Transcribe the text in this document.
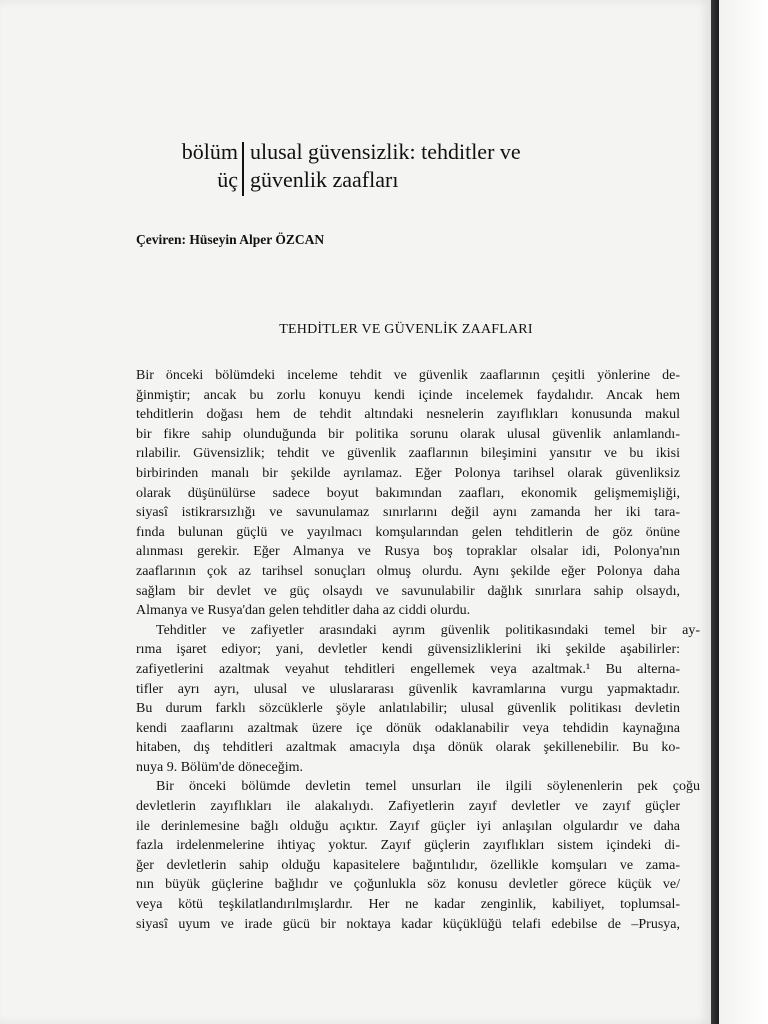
bölüm
üç
ulusal güvensizlik: tehditler ve
güvenlik zaafları
Çeviren: Hüseyin Alper ÖZCAN
TEHDİTLER VE GÜVENLİK ZAAFLARI
Bir önceki bölümdeki inceleme tehdit ve güvenlik zaaflarının çeşitli yönlerine de-
ğinmiştir; ancak bu zorlu konuyu kendi içinde incelemek faydalıdır. Ancak hem
tehditlerin doğası hem de tehdit altındaki nesnelerin zayıflıkları konusunda makul
bir fikre sahip olunduğunda bir politika sorunu olarak ulusal güvenlik anlamlandı-
rılabilir. Güvensizlik; tehdit ve güvenlik zaaflarının bileşimini yansıtır ve bu ikisi
birbirinden manalı bir şekilde ayrılamaz. Eğer Polonya tarihsel olarak güvenliksiz
olarak düşünülürse sadece boyut bakımından zaafları, ekonomik gelişmemişliği,
siyasî istikrarsızlığı ve savunulamaz sınırlarını değil aynı zamanda her iki tara-
fında bulunan güçlü ve yayılmacı komşularından gelen tehditlerin de göz önüne
alınması gerekir. Eğer Almanya ve Rusya boş topraklar olsalar idi, Polonya'nın
zaaflarının çok az tarihsel sonuçları olmuş olurdu. Aynı şekilde eğer Polonya daha
sağlam bir devlet ve güç olsaydı ve savunulabilir dağlık sınırlara sahip olsaydı,
Almanya ve Rusya'dan gelen tehditler daha az ciddi olurdu.
Tehditler ve zafiyetler arasındaki ayrım güvenlik politikasındaki temel bir ay-
rıma işaret ediyor; yani, devletler kendi güvensizliklerini iki şekilde aşabilirler:
zafiyetlerini azaltmak veyahut tehditleri engellemek veya azaltmak.¹ Bu alterna-
tifler ayrı ayrı, ulusal ve uluslararası güvenlik kavramlarına vurgu yapmaktadır.
Bu durum farklı sözcüklerle şöyle anlatılabilir; ulusal güvenlik politikası devletin
kendi zaaflarını azaltmak üzere içe dönük odaklanabilir veya tehdidin kaynağına
hitaben, dış tehditleri azaltmak amacıyla dışa dönük olarak şekillenebilir. Bu ko-
nuya 9. Bölüm'de döneceğim.
Bir önceki bölümde devletin temel unsurları ile ilgili söylenenlerin pek çoğu
devletlerin zayıflıkları ile alakalıydı. Zafiyetlerin zayıf devletler ve zayıf güçler
ile derinlemesine bağlı olduğu açıktır. Zayıf güçler iyi anlaşılan olgulardır ve daha
fazla irdelenmelerine ihtiyaç yoktur. Zayıf güçlerin zayıflıkları sistem içindeki di-
ğer devletlerin sahip olduğu kapasitelere bağıntılıdır, özellikle komşuları ve zama-
nın büyük güçlerine bağlıdır ve çoğunlukla söz konusu devletler görece küçük ve/
veya kötü teşkilatlandırılmışlardır. Her ne kadar zenginlik, kabiliyet, toplumsal-
siyasî uyum ve irade gücü bir noktaya kadar küçüklüğü telafi edebilse de –Prusya,
